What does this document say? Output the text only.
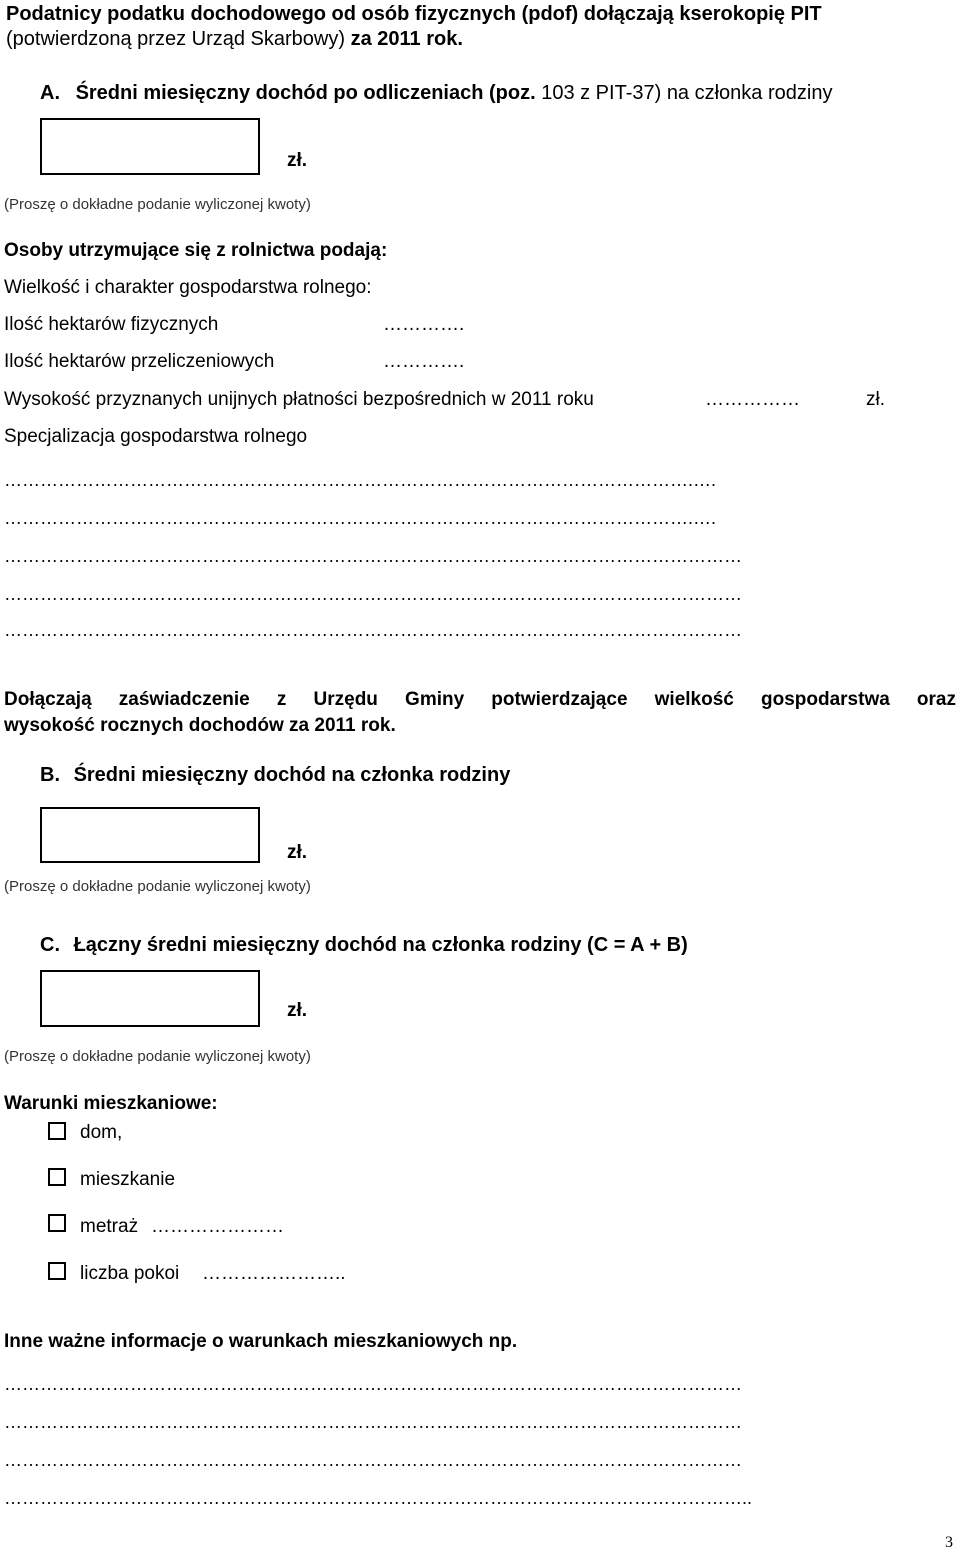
Podatnicy podatku dochodowego od osób fizycznych (pdof) dołączają kserokopię PIT
(potwierdzoną przez Urząd Skarbowy) za 2011 rok.
A. Średni miesięczny dochód po odliczeniach (poz. 103 z PIT-37) na członka rodziny
zł.
(Proszę o dokładne podanie wyliczonej kwoty)
Osoby utrzymujące się z rolnictwa podają:
Wielkość i charakter gospodarstwa rolnego:
Ilość hektarów fizycznych	………….
Ilość hektarów przeliczeniowych	………….
Wysokość przyznanych unijnych płatności bezpośrednich w 2011 roku	……………	zł.
Specjalizacja gospodarstwa rolnego
…………………………………………………………………………………………………….….
…………………………………………………………………………………………………….….
……………………………………………………………………………………………………………
……………………………………………………………………………………………………………
……………………………………………………………………………………………………………
Dołączają zaświadczenie z Urzędu Gminy potwierdzające wielkość gospodarstwa oraz
wysokość rocznych dochodów za 2011 rok.
B. Średni miesięczny dochód na członka rodziny
zł.
(Proszę o dokładne podanie wyliczonej kwoty)
C. Łączny średni miesięczny dochód na członka rodziny (C = A + B)
zł.
(Proszę o dokładne podanie wyliczonej kwoty)
Warunki mieszkaniowe:
dom,
mieszkanie
metraż …………………
liczba pokoi …………………..
Inne ważne informacje o warunkach mieszkaniowych np.
……………………………………………………………………………………………………………
……………………………………………………………………………………………………………
……………………………………………………………………………………………………………
……………………………………………………………………………………………………………..
3
